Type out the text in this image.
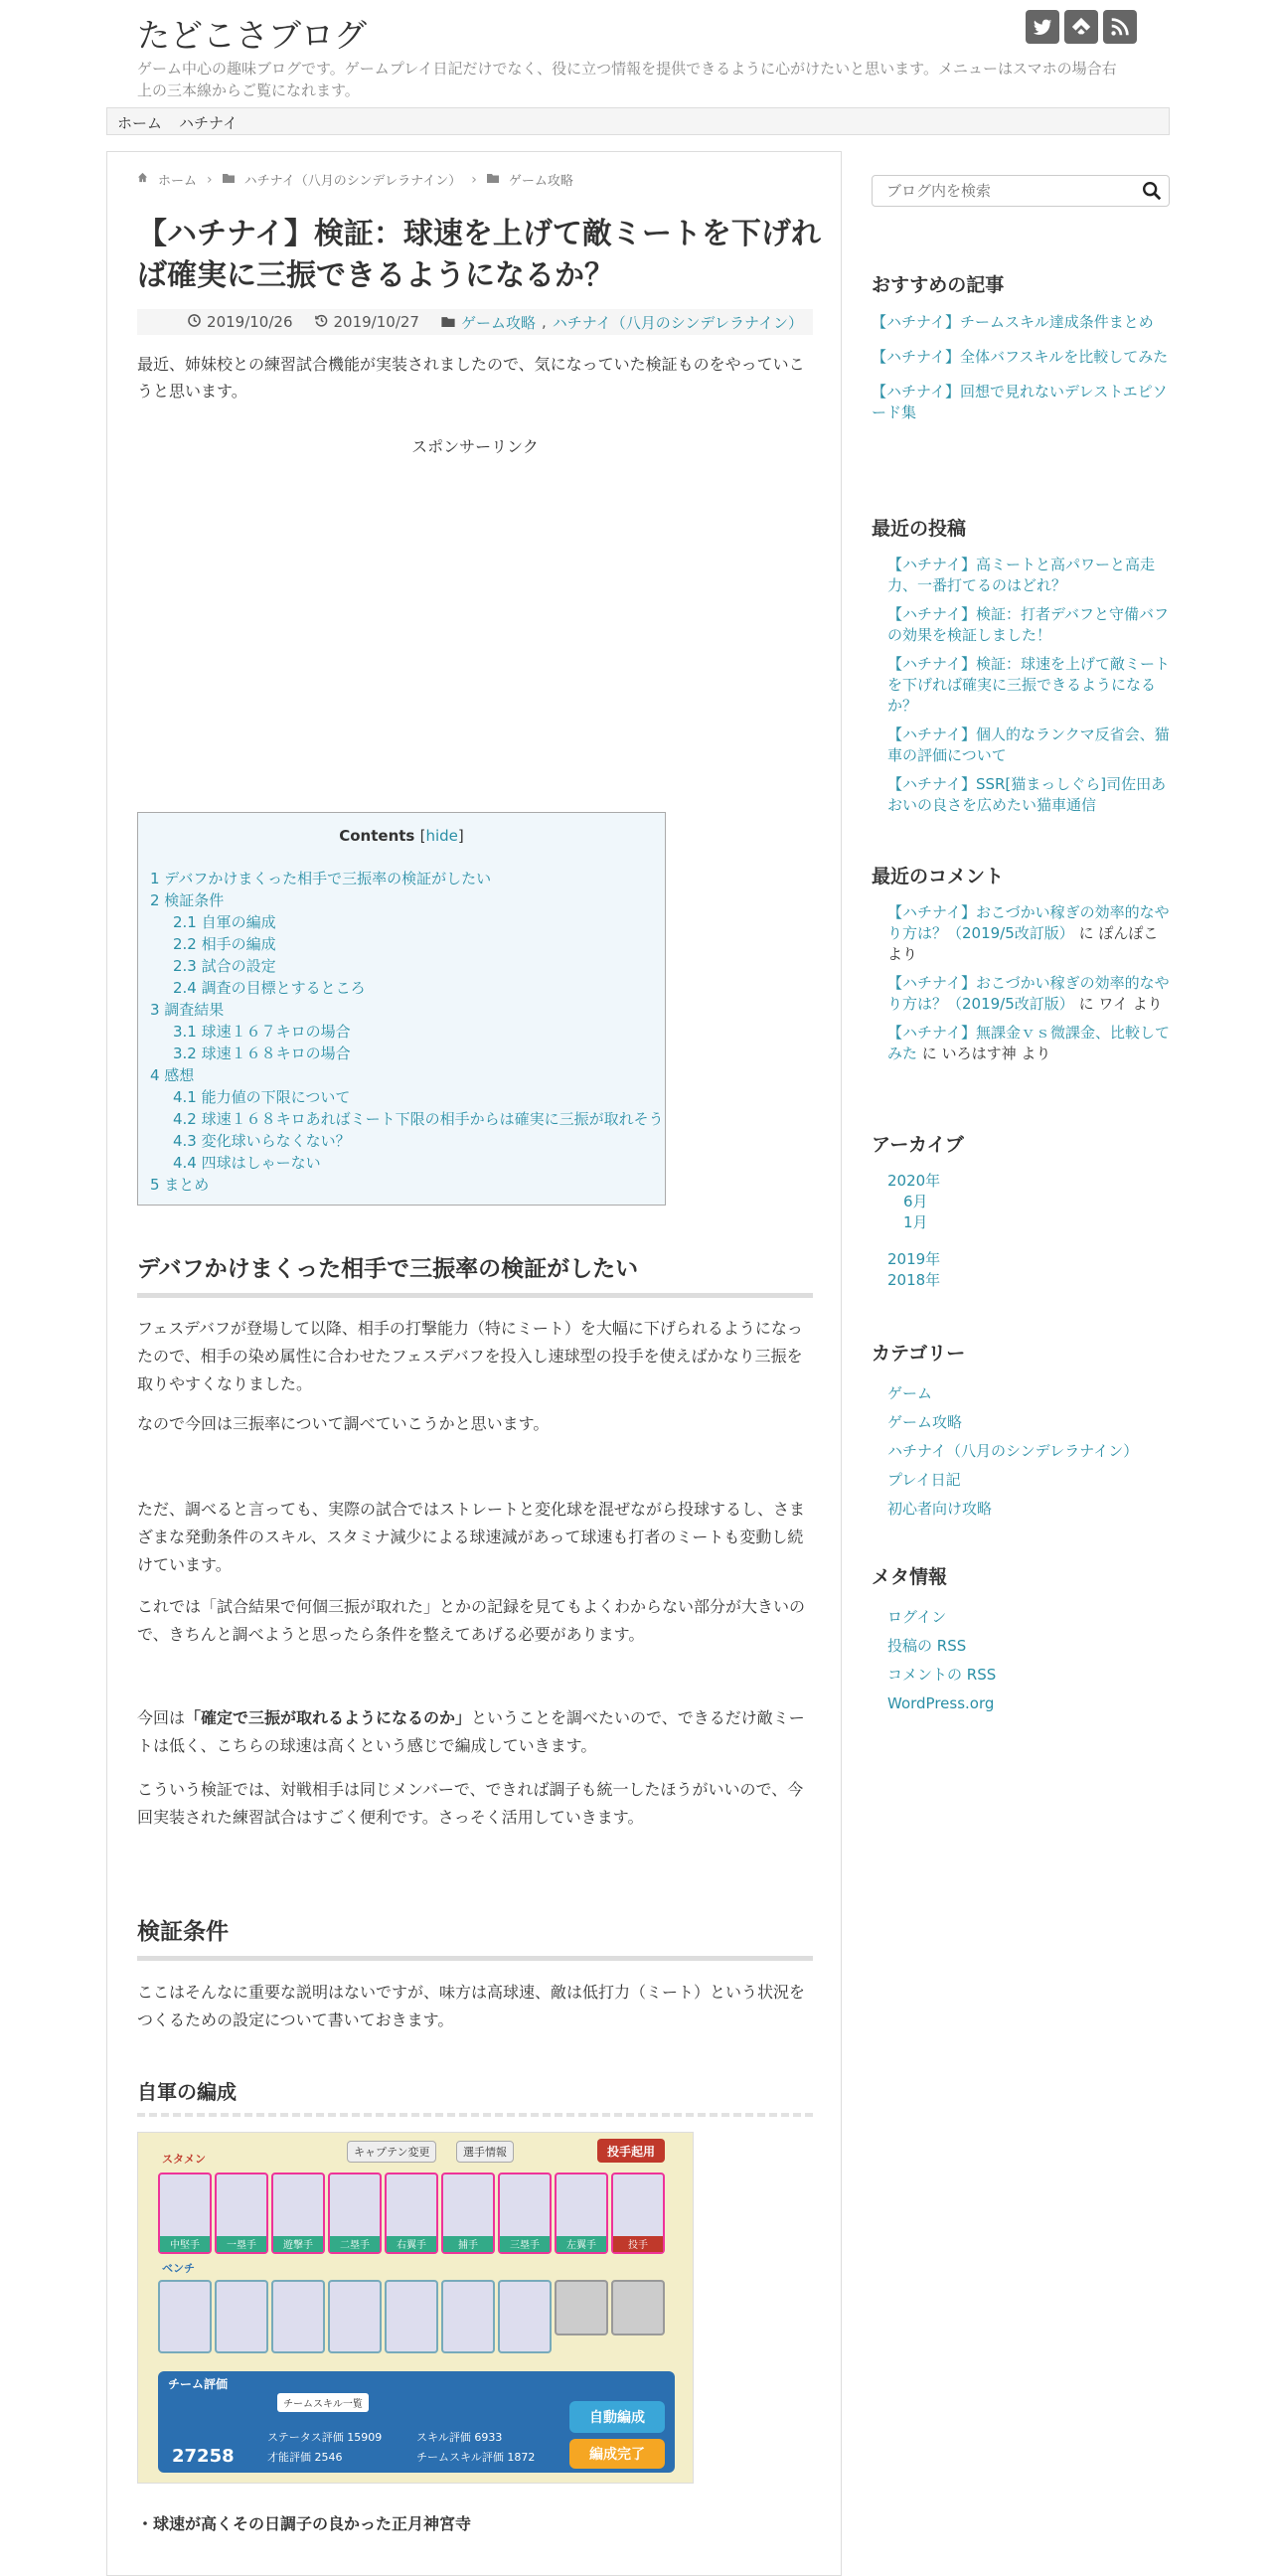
たどこさブログ

ゲーム中心の趣味ブログです。ゲームプレイ日記だけでなく、役に立つ情報を提供できるように心がけたいと思います。メニューはスマホの場合右上の三本線からご覧になれます。

ホーム ハチナイ
ホーム › ハチナイ（八月のシンデレラナイン） › ゲーム攻略
【ハチナイ】検証：球速を上げて敵ミートを下げれば確実に三振できるようになるか？
2019/10/26	2019/10/27	ゲーム攻略 , ハチナイ（八月のシンデレラナイン）

最近、姉妹校との練習試合機能が実装されましたので、気になっていた検証ものをやっていこうと思います。

スポンサーリンク
Contents [hide]
1 デバフかけまくった相手で三振率の検証がしたい
2 検証条件
2.1 自軍の編成
2.2 相手の編成
2.3 試合の設定
2.4 調査の目標とするところ
3 調査結果
3.1 球速１６７キロの場合
3.2 球速１６８キロの場合
4 感想
4.1 能力値の下限について
4.2 球速１６８キロあればミート下限の相手からは確実に三振が取れそう
4.3 変化球いらなくない？
4.4 四球はしゃーない
5 まとめ
デバフかけまくった相手で三振率の検証がしたい

フェスデバフが登場して以降、相手の打撃能力（特にミート）を大幅に下げられるようになったので、相手の染め属性に合わせたフェスデバフを投入し速球型の投手を使えばかなり三振を取りやすくなりました。

なので今回は三振率について調べていこうかと思います。

ただ、調べると言っても、実際の試合ではストレートと変化球を混ぜながら投球するし、さまざまな発動条件のスキル、スタミナ減少による球速減があって球速も打者のミートも変動し続けています。

これでは「試合結果で何個三振が取れた」とかの記録を見てもよくわからない部分が大きいので、きちんと調べようと思ったら条件を整えてあげる必要があります。

今回は「確定で三振が取れるようになるのか」ということを調べたいので、できるだけ敵ミートは低く、こちらの球速は高くという感じで編成していきます。

こういう検証では、対戦相手は同じメンバーで、できれば調子も統一したほうがいいので、今回実装された練習試合はすごく便利です。さっそく活用していきます。

検証条件

ここはそんなに重要な説明はないですが、味方は高球速、敵は低打力（ミート）という状況をつくるための設定について書いておきます。

自軍の編成
キャプテン変更	選手情報	投手起用
スタメン
中堅手	一塁手	遊撃手	二塁手	右翼手	捕手	三塁手	左翼手	投手
ベンチ
チーム評価
チームスキル一覧
27258
ステータス評価 15909	スキル評価 6933
才能評価 2546	チームスキル評価 1872
自動編成
編成完了
・球速が高くその日調子の良かった正月神宮寺
ブログ内を検索
おすすめの記事
【ハチナイ】チームスキル達成条件まとめ
【ハチナイ】全体バフスキルを比較してみた
【ハチナイ】回想で見れないデレストエピソード集
最近の投稿
【ハチナイ】高ミートと高パワーと高走力、一番打てるのはどれ？
【ハチナイ】検証：打者デバフと守備バフの効果を検証しました！
【ハチナイ】検証：球速を上げて敵ミートを下げれば確実に三振できるようになるか？
【ハチナイ】個人的なランクマ反省会、猫車の評価について
【ハチナイ】SSR[猫まっしぐら]司佐田あおいの良さを広めたい猫車通信
最近のコメント
【ハチナイ】おこづかい稼ぎの効率的なやり方は？（2019/5改訂版） に ぽんぽこ より
【ハチナイ】おこづかい稼ぎの効率的なやり方は？（2019/5改訂版） に ワイ より
【ハチナイ】無課金ｖｓ微課金、比較してみた に いろはす神 より
アーカイブ
2020年
6月
1月
2019年
2018年
カテゴリー
ゲーム
ゲーム攻略
ハチナイ（八月のシンデレラナイン）
プレイ日記
初心者向け攻略
メタ情報
ログイン
投稿の RSS
コメントの RSS
WordPress.org
